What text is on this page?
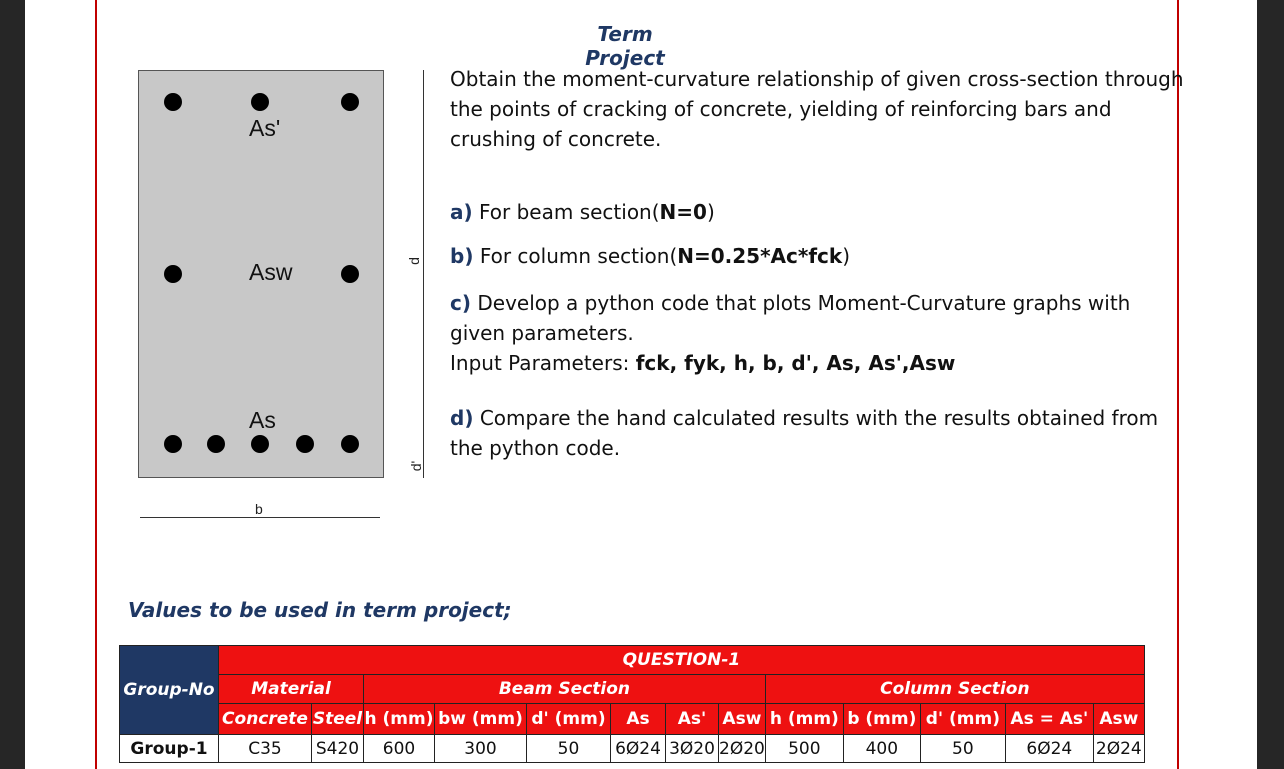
Term Project
As'
Asw
As
d
d'
b

Obtain the moment-curvature relationship of given cross-section through the points of cracking of concrete, yielding of reinforcing bars and crushing of concrete.

a) For beam section(N=0)

b) For column section(N=0.25*Ac*fck)

c) Develop a python code that plots Moment-Curvature graphs with given parameters.

Input Parameters: fck, fyk, h, b, d', As, As',Asw

d) Compare the hand calculated results with the results obtained from the python code.

Values to be used in term project;
Group-No	QUESTION-1												
	Material		Beam Section						Column Section				
	Concrete	Steel	h (mm)	bw (mm)	d' (mm)	As	As'	Asw	h (mm)	b (mm)	d' (mm)	As = As'	Asw
Group-1	C35	S420	600	300	50	6Ø24	3Ø20	2Ø20	500	400	50	6Ø24	2Ø24
